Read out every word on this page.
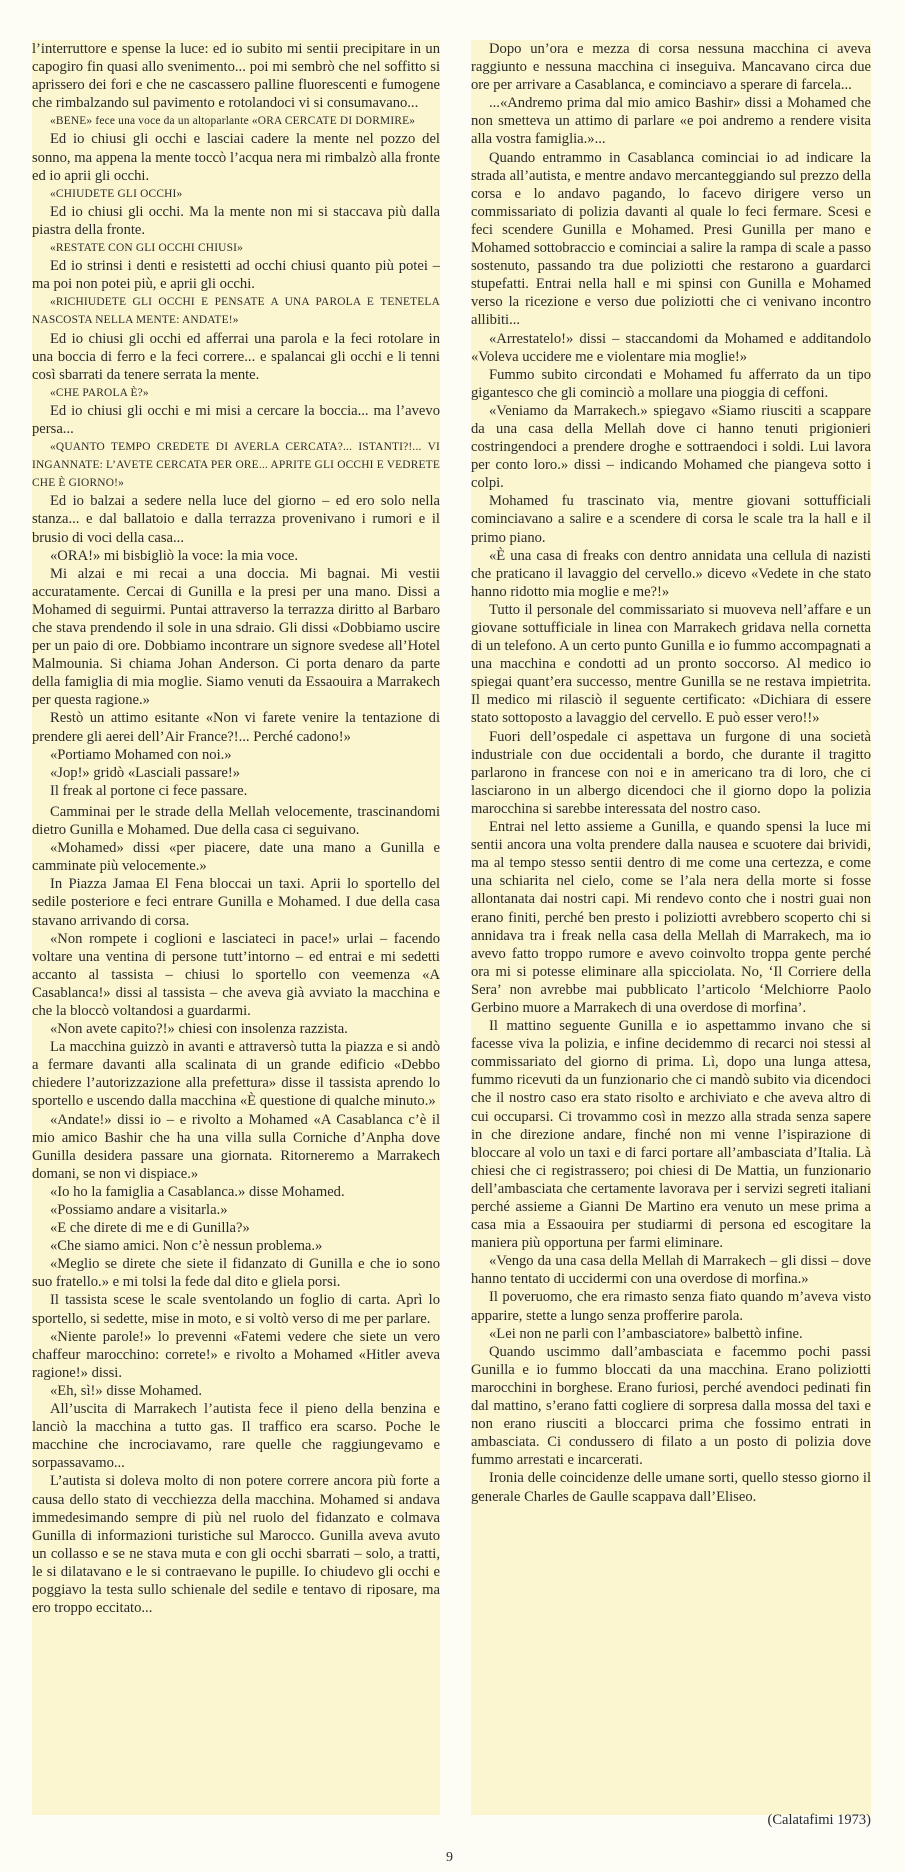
l’interruttore e spense la luce: ed io subito mi sentii precipitare in un capogiro fin quasi allo svenimento... poi mi sembrò che nel soffitto si aprissero dei fori e che ne cascassero palline fluorescenti e fumogene che rimbalzando sul pavimento e rotolandoci vi si consumavano...

«BENE» fece una voce da un altoparlante «ORA CERCATE DI DORMIRE»

Ed io chiusi gli occhi e lasciai cadere la mente nel pozzo del sonno, ma appena la mente toccò l’acqua nera mi rimbalzò alla fronte ed io aprii gli occhi.

«CHIUDETE GLI OCCHI»

Ed io chiusi gli occhi. Ma la mente non mi si staccava più dalla piastra della fronte.

«RESTATE CON GLI OCCHI CHIUSI»

Ed io strinsi i denti e resistetti ad occhi chiusi quanto più potei – ma poi non potei più, e aprii gli occhi.

«RICHIUDETE GLI OCCHI E PENSATE A UNA PAROLA E TENETELA NASCOSTA NELLA MENTE: ANDATE!»

Ed io chiusi gli occhi ed afferrai una parola e la feci rotolare in una boccia di ferro e la feci correre... e spalancai gli occhi e li tenni così sbarrati da tenere serrata la mente.

«CHE PAROLA È?»

Ed io chiusi gli occhi e mi misi a cercare la boccia... ma l’avevo persa...

«QUANTO TEMPO CREDETE DI AVERLA CERCATA?... ISTANTI?!... VI INGANNATE: L’AVETE CERCATA PER ORE... APRITE GLI OCCHI E VEDRETE CHE È GIORNO!»

Ed io balzai a sedere nella luce del giorno – ed ero solo nella stanza... e dal ballatoio e dalla terrazza provenivano i rumori e il brusio di voci della casa...

«ORA!» mi bisbigliò la voce: la mia voce.

Mi alzai e mi recai a una doccia. Mi bagnai. Mi vestii accuratamente. Cercai di Gunilla e la presi per una mano. Dissi a Mohamed di seguirmi. Puntai attraverso la terrazza diritto al Barbaro che stava prendendo il sole in una sdraio. Gli dissi «Dobbiamo uscire per un paio di ore. Dobbiamo incontrare un signore svedese all’Hotel Malmounia. Si chiama Johan Anderson. Ci porta denaro da parte della famiglia di mia moglie. Siamo venuti da Essaouira a Marrakech per questa ragione.»

Restò un attimo esitante «Non vi farete venire la tentazione di prendere gli aerei dell’Air France?!... Perché cadono!»

«Portiamo Mohamed con noi.»

«Jop!» gridò «Lasciali passare!»

Il freak al portone ci fece passare.

Camminai per le strade della Mellah velocemente, trascinandomi dietro Gunilla e Mohamed. Due della casa ci seguivano.

«Mohamed» dissi «per piacere, date una mano a Gunilla e camminate più velocemente.»

In Piazza Jamaa El Fena bloccai un taxi. Aprii lo sportello del sedile posteriore e feci entrare Gunilla e Mohamed. I due della casa stavano arrivando di corsa.

«Non rompete i coglioni e lasciateci in pace!» urlai – facendo voltare una ventina di persone tutt’intorno – ed entrai e mi sedetti accanto al tassista – chiusi lo sportello con veemenza «A Casablanca!» dissi al tassista – che aveva già avviato la macchina e che la bloccò voltandosi a guardarmi.

«Non avete capito?!» chiesi con insolenza razzista.

La macchina guizzò in avanti e attraversò tutta la piazza e si andò a fermare davanti alla scalinata di un grande edificio «Debbo chiedere l’autorizzazione alla prefettura» disse il tassista aprendo lo sportello e uscendo dalla macchina «È questione di qualche minuto.»

«Andate!» dissi io – e rivolto a Mohamed «A Casablanca c’è il mio amico Bashir che ha una villa sulla Corniche d’Anpha dove Gunilla desidera passare una giornata. Ritorneremo a Marrakech domani, se non vi dispiace.»

«Io ho la famiglia a Casablanca.» disse Mohamed.

«Possiamo andare a visitarla.»

«E che direte di me e di Gunilla?»

«Che siamo amici. Non c’è nessun problema.»

«Meglio se direte che siete il fidanzato di Gunilla e che io sono suo fratello.» e mi tolsi la fede dal dito e gliela porsi.

Il tassista scese le scale sventolando un foglio di carta. Aprì lo sportello, si sedette, mise in moto, e si voltò verso di me per parlare.

«Niente parole!» lo prevenni «Fatemi vedere che siete un vero chaffeur marocchino: correte!» e rivolto a Mohamed «Hitler aveva ragione!» dissi.

«Eh, sì!» disse Mohamed.

All’uscita di Marrakech l’autista fece il pieno della benzina e lanciò la macchina a tutto gas. Il traffico era scarso. Poche le macchine che incrociavamo, rare quelle che raggiungevamo e sorpassavamo...

L’autista si doleva molto di non potere correre ancora più forte a causa dello stato di vecchiezza della macchina. Mohamed si andava immedesimando sempre di più nel ruolo del fidanzato e colmava Gunilla di informazioni turistiche sul Marocco. Gunilla aveva avuto un collasso e se ne stava muta e con gli occhi sbarrati – solo, a tratti, le si dilatavano e le si contraevano le pupille. Io chiudevo gli occhi e poggiavo la testa sullo schienale del sedile e tentavo di riposare, ma ero troppo eccitato...

Dopo un’ora e mezza di corsa nessuna macchina ci aveva raggiunto e nessuna macchina ci inseguiva. Mancavano circa due ore per arrivare a Casablanca, e cominciavo a sperare di farcela...

...«Andremo prima dal mio amico Bashir» dissi a Mohamed che non smetteva un attimo di parlare «e poi andremo a rendere visita alla vostra famiglia.»...

Quando entrammo in Casablanca cominciai io ad indicare la strada all’autista, e mentre andavo mercanteggiando sul prezzo della corsa e lo andavo pagando, lo facevo dirigere verso un commissariato di polizia davanti al quale lo feci fermare. Scesi e feci scendere Gunilla e Mohamed. Presi Gunilla per mano e Mohamed sottobraccio e cominciai a salire la rampa di scale a passo sostenuto, passando tra due poliziotti che restarono a guardarci stupefatti. Entrai nella hall e mi spinsi con Gunilla e Mohamed verso la ricezione e verso due poliziotti che ci venivano incontro allibiti...

«Arrestatelo!» dissi – staccandomi da Mohamed e additandolo «Voleva uccidere me e violentare mia moglie!»

Fummo subito circondati e Mohamed fu afferrato da un tipo gigantesco che gli cominciò a mollare una pioggia di ceffoni.

«Veniamo da Marrakech.» spiegavo «Siamo riusciti a scappare da una casa della Mellah dove ci hanno tenuti prigionieri costringendoci a prendere droghe e sottraendoci i soldi. Lui lavora per conto loro.» dissi – indicando Mohamed che piangeva sotto i colpi.

Mohamed fu trascinato via, mentre giovani sottufficiali cominciavano a salire e a scendere di corsa le scale tra la hall e il primo piano.

«È una casa di freaks con dentro annidata una cellula di nazisti che praticano il lavaggio del cervello.» dicevo «Vedete in che stato hanno ridotto mia moglie e me?!»

Tutto il personale del commissariato si muoveva nell’affare e un giovane sottufficiale in linea con Marrakech gridava nella cornetta di un telefono. A un certo punto Gunilla e io fummo accompagnati a una macchina e condotti ad un pronto soccorso. Al medico io spiegai quant’era successo, mentre Gunilla se ne restava impietrita. Il medico mi rilasciò il seguente certificato: «Dichiara di essere stato sottoposto a lavaggio del cervello. E può esser vero!!»

Fuori dell’ospedale ci aspettava un furgone di una società industriale con due occidentali a bordo, che durante il tragitto parlarono in francese con noi e in americano tra di loro, che ci lasciarono in un albergo dicendoci che il giorno dopo la polizia marocchina si sarebbe interessata del nostro caso.

Entrai nel letto assieme a Gunilla, e quando spensi la luce mi sentii ancora una volta prendere dalla nausea e scuotere dai brividi, ma al tempo stesso sentii dentro di me come una certezza, e come una schiarita nel cielo, come se l’ala nera della morte si fosse allontanata dai nostri capi. Mi rendevo conto che i nostri guai non erano finiti, perché ben presto i poliziotti avrebbero scoperto chi si annidava tra i freak nella casa della Mellah di Marrakech, ma io avevo fatto troppo rumore e avevo coinvolto troppa gente perché ora mi si potesse eliminare alla spicciolata. No, ‘Il Corriere della Sera’ non avrebbe mai pubblicato l’articolo ‘Melchiorre Paolo Gerbino muore a Marrakech di una overdose di morfina’.

Il mattino seguente Gunilla e io aspettammo invano che si facesse viva la polizia, e infine decidemmo di recarci noi stessi al commissariato del giorno di prima. Lì, dopo una lunga attesa, fummo ricevuti da un funzionario che ci mandò subito via dicendoci che il nostro caso era stato risolto e archiviato e che aveva altro di cui occuparsi. Ci trovammo così in mezzo alla strada senza sapere in che direzione andare, finché non mi venne l’ispirazione di bloccare al volo un taxi e di farci portare all’ambasciata d’Italia. Là chiesi che ci registrassero; poi chiesi di De Mattia, un funzionario dell’ambasciata che certamente lavorava per i servizi segreti italiani perché assieme a Gianni De Martino era venuto un mese prima a casa mia a Essaouira per studiarmi di persona ed escogitare la maniera più opportuna per farmi eliminare.

«Vengo da una casa della Mellah di Marrakech – gli dissi – dove hanno tentato di uccidermi con una overdose di morfina.»

Il poveruomo, che era rimasto senza fiato quando m’aveva visto apparire, stette a lungo senza profferire parola.

«Lei non ne parli con l’ambasciatore» balbettò infine.

Quando uscimmo dall’ambasciata e facemmo pochi passi Gunilla e io fummo bloccati da una macchina. Erano poliziotti marocchini in borghese. Erano furiosi, perché avendoci pedinati fin dal mattino, s’erano fatti cogliere di sorpresa dalla mossa del taxi e non erano riusciti a bloccarci prima che fossimo entrati in ambasciata. Ci condussero di filato a un posto di polizia dove fummo arrestati e incarcerati.

Ironia delle coincidenze delle umane sorti, quello stesso giorno il generale Charles de Gaulle scappava dall’Eliseo.

(Calatafimi 1973)
9
